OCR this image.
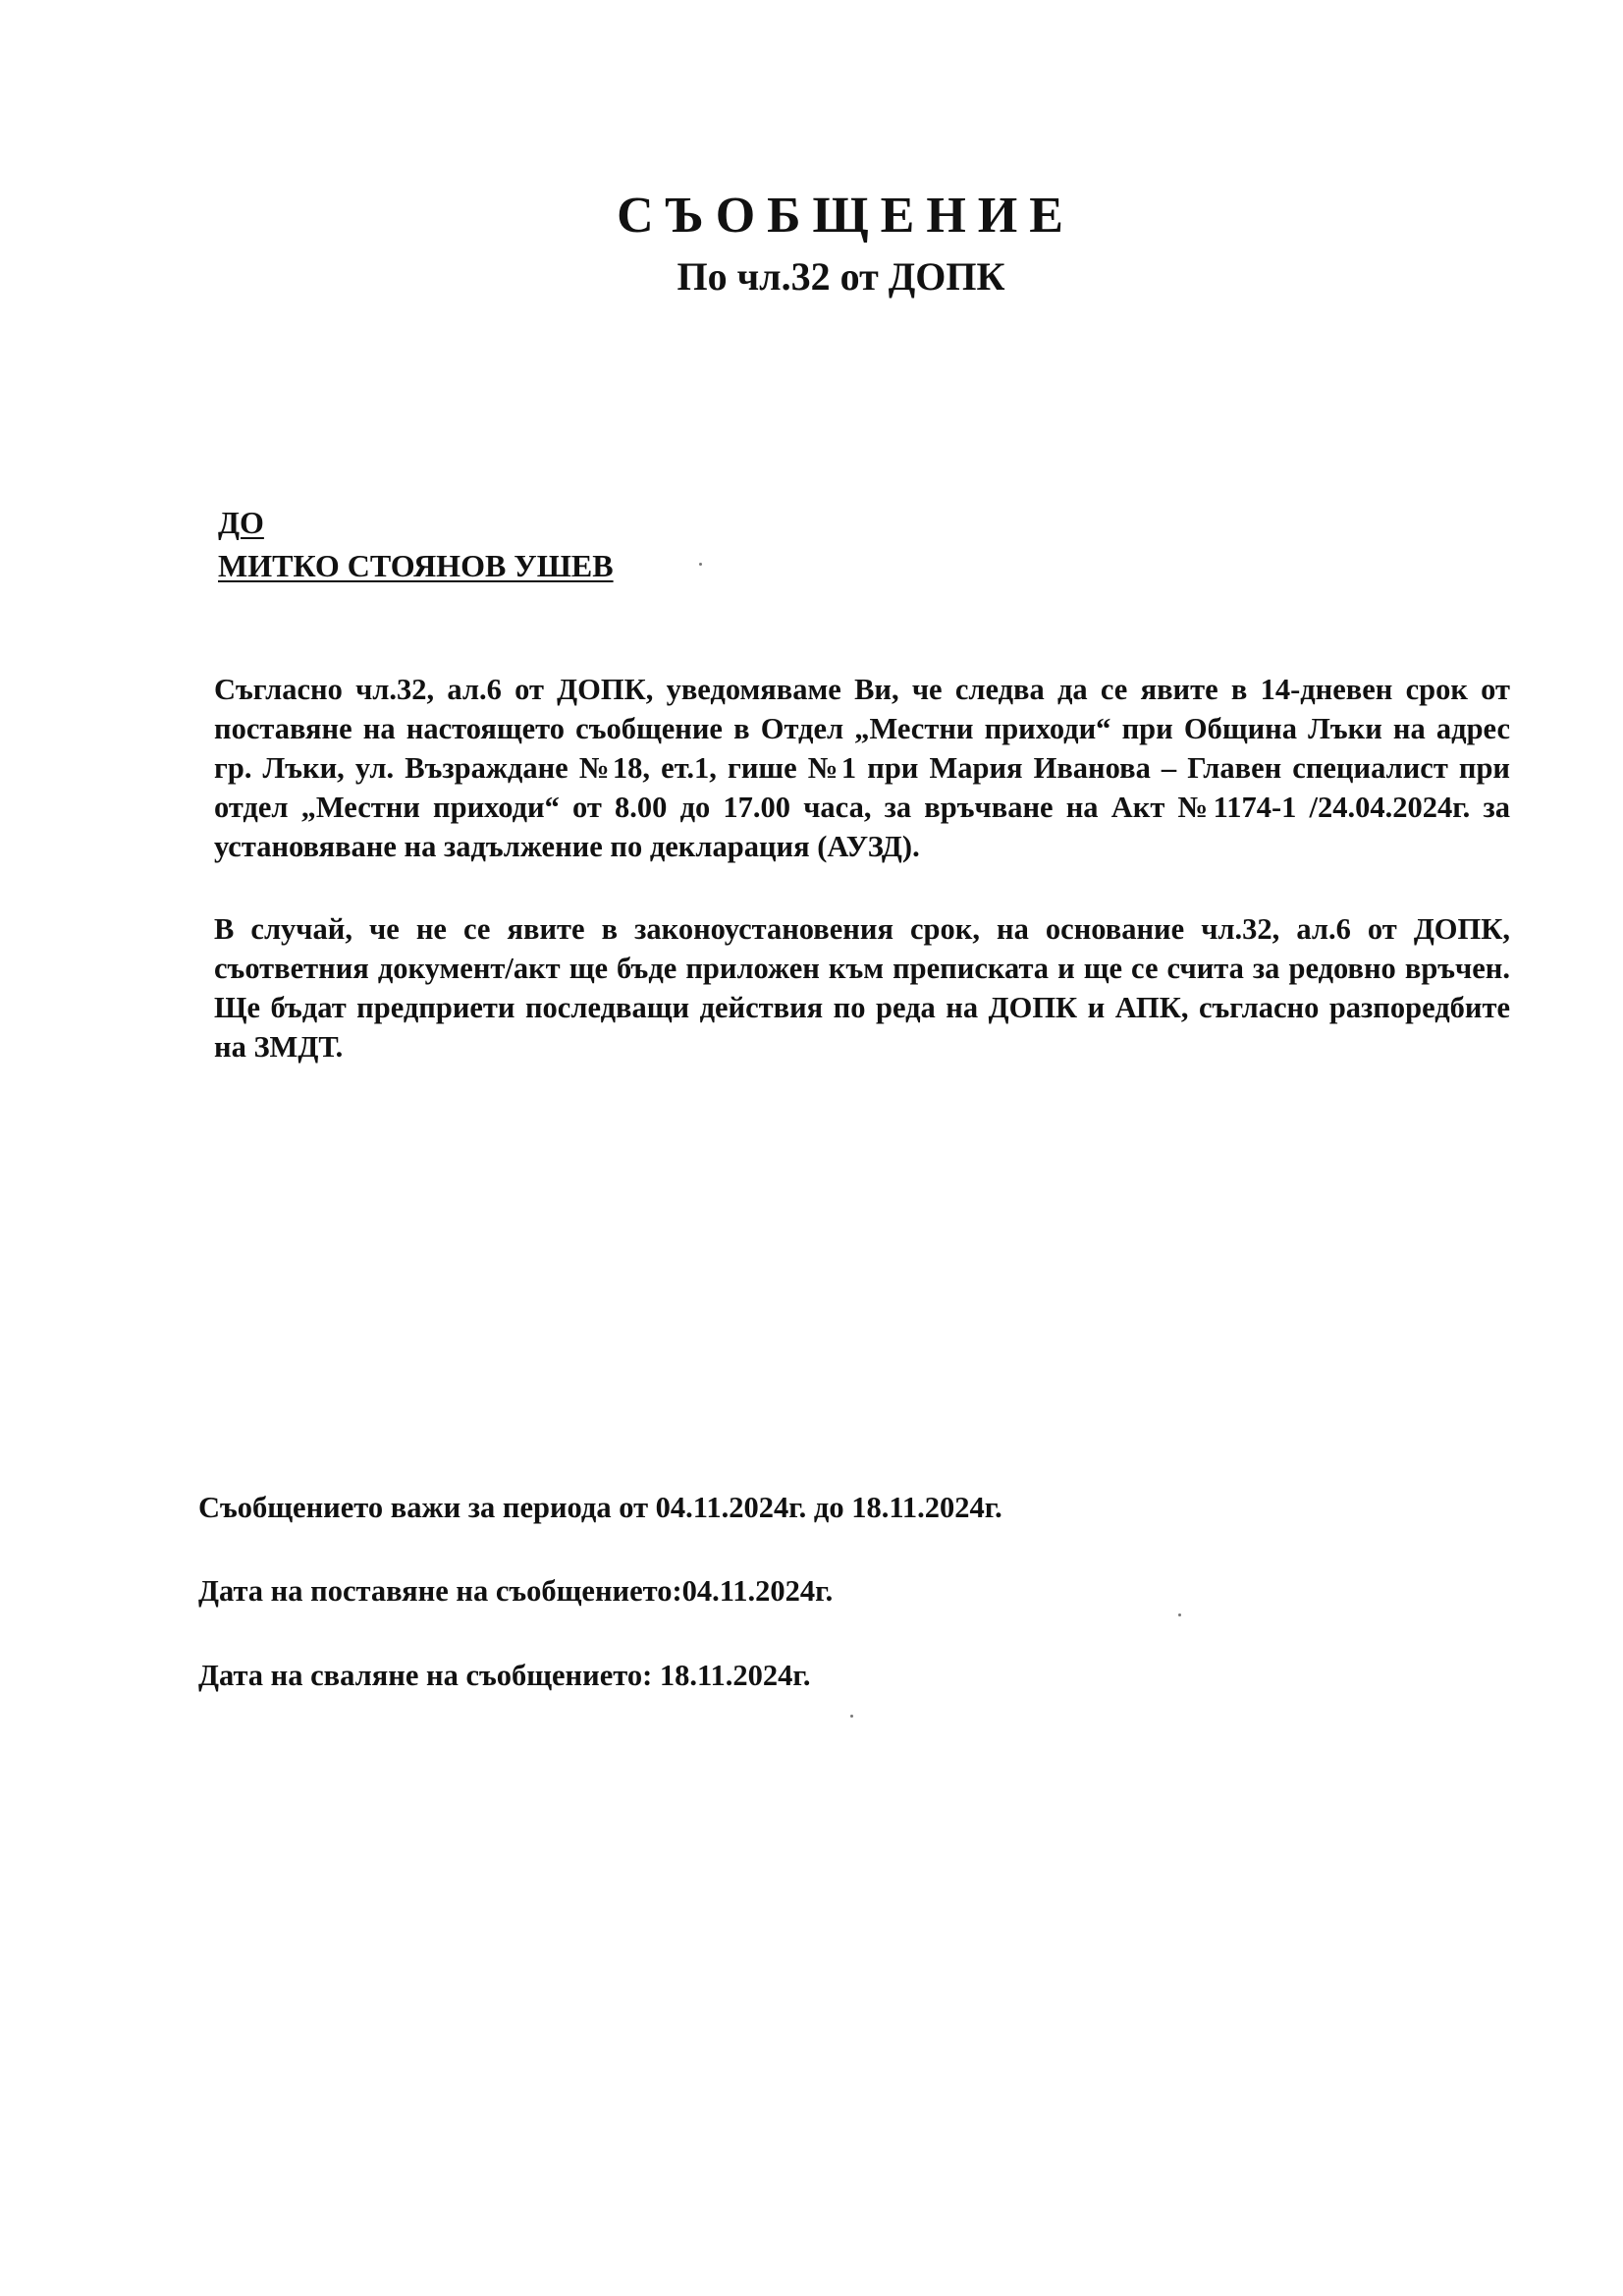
СЪОБЩЕНИЕ
По чл.32 от ДОПК
ДО
МИТКО СТОЯНОВ УШЕВ
Съгласно чл.32, ал.6 от ДОПК, уведомяваме Ви, че следва да се явите в 14-дневен срок от поставяне на настоящето съобщение в Отдел „Местни приходи“ при Община Лъки на адрес гр. Лъки, ул. Възраждане №18, ет.1, гише №1 при Мария Иванова – Главен специалист при отдел „Местни приходи“ от 8.00 до 17.00 часа, за връчване на Акт №1174-1 /24.04.2024г. за установяване на задължение по декларация (АУЗД).
В случай, че не се явите в законоустановения срок, на основание чл.32, ал.6 от ДОПК, съответния документ/акт ще бъде приложен към преписката и ще се счита за редовно връчен. Ще бъдат предприети последващи действия по реда на ДОПК и АПК, съгласно разпоредбите на ЗМДТ.
Съобщението важи за периода от 04.11.2024г. до 18.11.2024г.
Дата на поставяне на съобщението:04.11.2024г.
Дата на сваляне на съобщението: 18.11.2024г.
